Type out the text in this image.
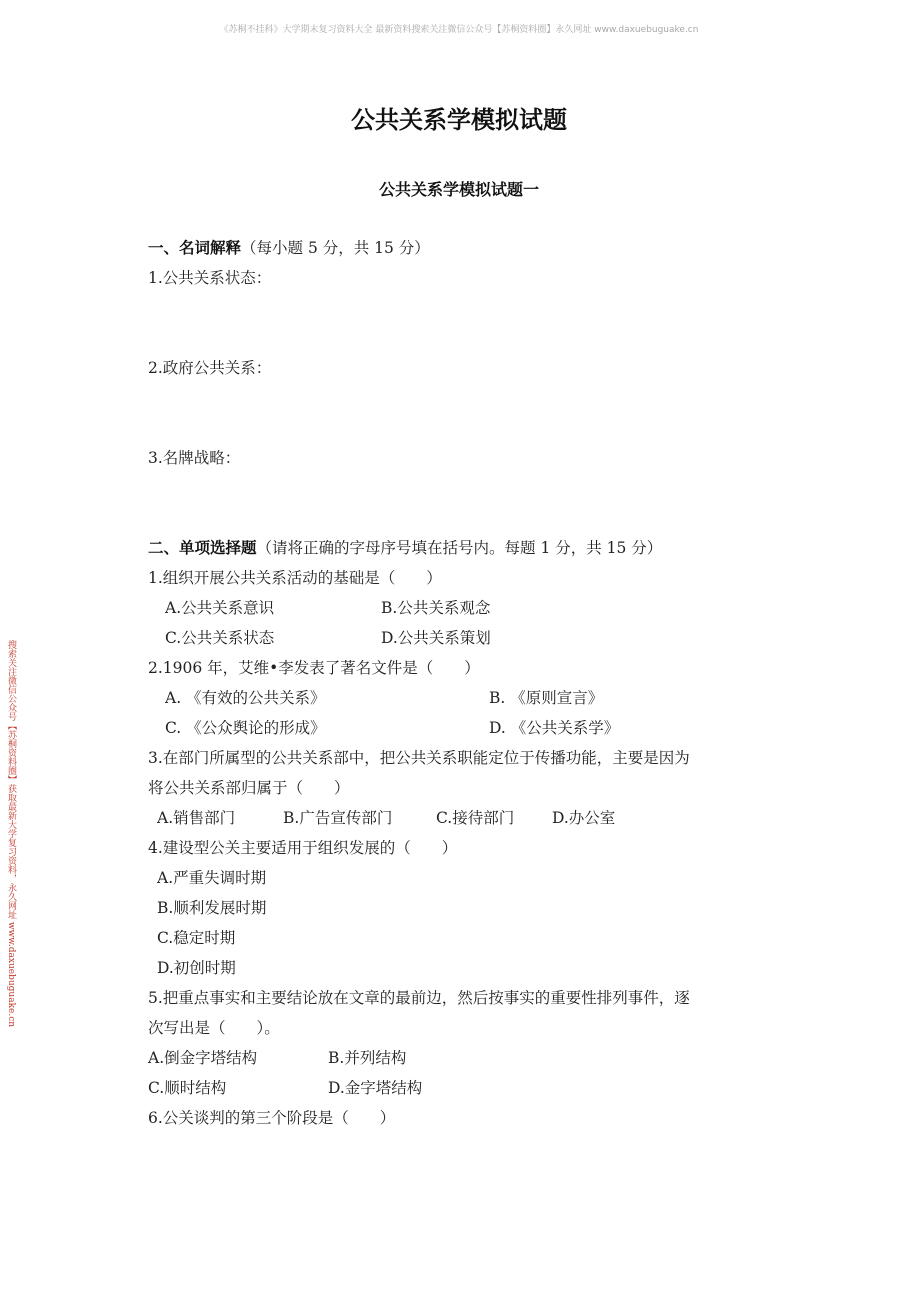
《苏桐不挂科》大学期末复习资料大全 最新资料搜索关注微信公众号【苏桐资料圈】永久网址 www.daxuebuguake.cn
搜索关注微信公众号【苏桐资料圈】获取最新大学复习资料，永久网址 www.daxuebuguake.cn
公共关系学模拟试题
公共关系学模拟试题一
一、名词解释（每小题 5 分，共 15 分）
1.公共关系状态：
2.政府公共关系：
3.名牌战略：
二、单项选择题（请将正确的字母序号填在括号内。每题 1 分，共 15 分）
1.组织开展公共关系活动的基础是（　　）
A.公共关系意识	B.公共关系观念
C.公共关系状态	D.公共关系策划
2.1906 年，艾维•李发表了著名文件是（　　）
A. 《有效的公共关系》	B. 《原则宣言》
C. 《公众舆论的形成》	D. 《公共关系学》
3.在部门所属型的公共关系部中，把公共关系职能定位于传播功能，主要是因为
将公共关系部归属于（　　）
A.销售部门	B.广告宣传部门	C.接待部门 D.办公室
4.建设型公关主要适用于组织发展的（　　）
A.严重失调时期
B.顺利发展时期
C.稳定时期
D.初创时期
5.把重点事实和主要结论放在文章的最前边，然后按事实的重要性排列事件，逐
次写出是（　　）。
A.倒金字塔结构	B.并列结构
C.顺时结构	D.金字塔结构
6.公关谈判的第三个阶段是（　　）
